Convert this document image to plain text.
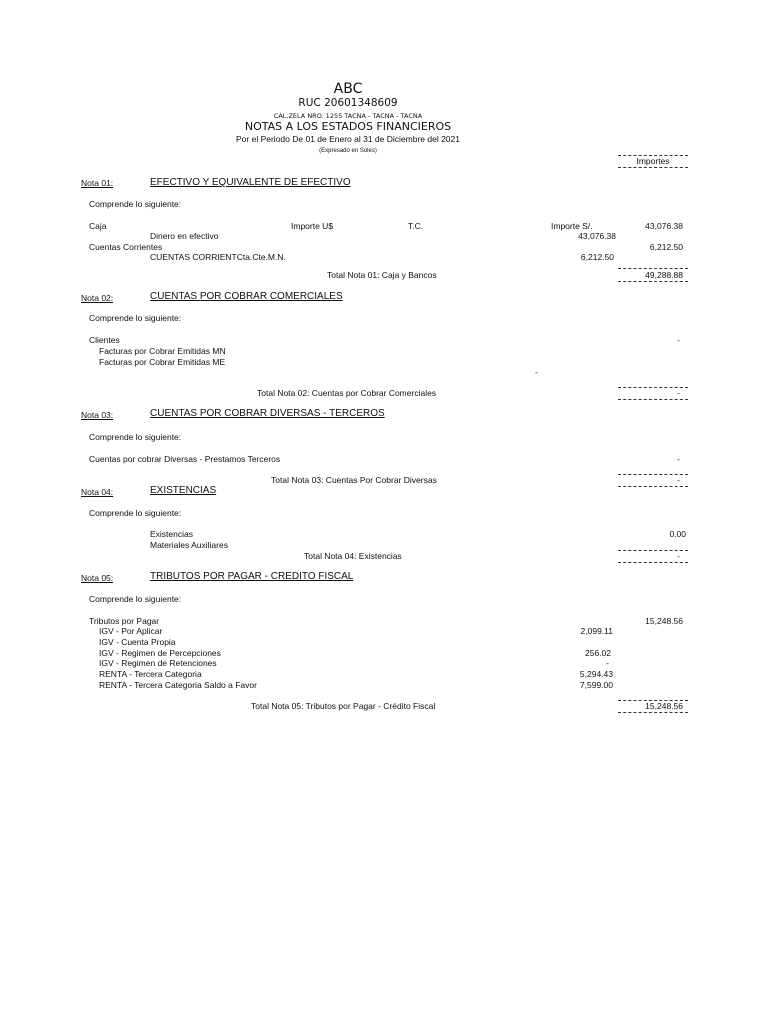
ABC
RUC 20601348609
CAL.ZELA NRO. 1255 TACNA - TACNA - TACNA
NOTAS A LOS ESTADOS FINANCIEROS
Por el Periodo De 01 de Enero al 31 de Diciembre del 2021
(Expresado en Soles)
Importes
Nota 01:	EFECTIVO Y EQUIVALENTE DE EFECTIVO
Comprende lo siguiente:
Caja	Importe U$	T.C.	Importe S/.	43,076.38
Dinero en efectivo	43,076.38
Cuentas Corrientes	6,212.50
CUENTAS CORRIENTCta.Cte.M.N.	6,212.50
Total Nota 01: Caja y Bancos	49,288.88
Nota 02:	CUENTAS POR COBRAR COMERCIALES
Comprende lo siguiente:
Clientes	-
Facturas por Cobrar Emitidas MN
Facturas por Cobrar Emitidas ME
-
Total Nota 02: Cuentas por Cobrar Comerciales	-
Nota 03:	CUENTAS POR COBRAR DIVERSAS - TERCEROS
Comprende lo siguiente:
Cuentas por cobrar Diversas - Prestamos Terceros	-
Total Nota 03: Cuentas Por Cobrar Diversas	-
Nota 04:	EXISTENCIAS
Comprende lo siguiente:
Existencias	0.00
Materiales Auxiliares
Total Nota 04: Existencias	-
Nota 05:	TRIBUTOS POR PAGAR - CREDITO FISCAL
Comprende lo siguiente:
Tributos por Pagar	15,248.56
IGV - Por Aplicar	2,099.11
IGV - Cuenta Propia
IGV - Regimen de Percepciones	256.02
IGV - Regimen de Retenciones	-
RENTA - Tercera Categoria	5,294.43
RENTA - Tercera Categoria Saldo a Favor	7,599.00
Total Nota 05: Tributos por Pagar - Crédito Fiscal	15,248.56
